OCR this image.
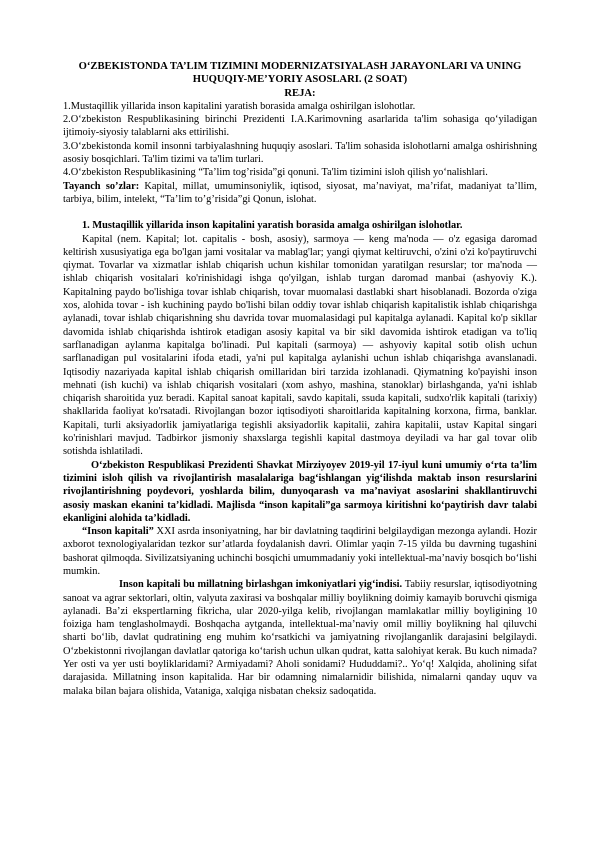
O‘ZBEKISTONDA TA’LIM TIZIMINI MODERNIZATSIYALASH JARAYONLARI VA UNING HUQUQIY-ME’YORIY ASOSLARI. (2 SOAT)
REJA:

1.Mustaqillik yillarida inson kapitalini yaratish borasida amalga oshirilgan islohotlar.

2.O‘zbekiston Respublikasining birinchi Prezidenti I.A.Karimovning asarlarida ta'lim sohasiga qo‘yiladigan ijtimoiy-siyosiy talablarni aks ettirilishi.

3.O‘zbekistonda komil insonni tarbiyalashning huquqiy asoslari. Ta'lim sohasida islohotlarni amalga oshirishning asosiy bosqichlari. Ta'lim tizimi va ta'lim turlari.

4.O‘zbekiston Respublikasining “Ta’lim tog’risida”gi qonuni. Ta'lim tizimini isloh qilish yo‘nalishlari.

Tayanch so’zlar: Kapital, millat, umuminsoniylik, iqtisod, siyosat, ma’naviyat, ma’rifat, madaniyat ta’llim, tarbiya, bilim, intelekt, “Ta’lim to’g’risida”gi Qonun, islohat.

1. Mustaqillik yillarida inson kapitalini yaratish borasida amalga oshirilgan islohotlar.

Kapital (nem. Kapital; lot. capitalis - bosh, asosiy), sarmoya — keng ma'noda — o'z egasiga daromad keltirish xususiyatiga ega bo'lgan jami vositalar va mablag'lar; yangi qiymat keltiruvchi, o'zini o'zi ko'paytiruvchi qiymat. Tovarlar va xizmatlar ishlab chiqarish uchun kishilar tomonidan yaratilgan resurslar; tor ma'noda — ishlab chiqarish vositalari ko'rinishidagi ishga qo'yilgan, ishlab turgan daromad manbai (ashyoviy K.). Kapitalning paydo bo'lishiga tovar ishlab chiqarish, tovar muomalasi dastlabki shart hisoblanadi. Bozorda o'ziga xos, alohida tovar - ish kuchining paydo bo'lishi bilan oddiy tovar ishlab chiqarish kapitalistik ishlab chiqarishga aylanadi, tovar ishlab chiqarishning shu davrida tovar muomalasidagi pul kapitalga aylanadi. Kapital ko'p sikllar davomida ishlab chiqarishda ishtirok etadigan asosiy kapital va bir sikl davomida ishtirok etadigan va to'liq sarflanadigan aylanma kapitalga bo'linadi. Pul kapitali (sarmoya) — ashyoviy kapital sotib olish uchun sarflanadigan pul vositalarini ifoda etadi, ya'ni pul kapitalga aylanishi uchun ishlab chiqarishga avanslanadi. Iqtisodiy nazariyada kapital ishlab chiqarish omillaridan biri tarzida izohlanadi. Qiymatning ko'payishi inson mehnati (ish kuchi) va ishlab chiqarish vositalari (xom ashyo, mashina, stanoklar) birlashganda, ya'ni ishlab chiqarish sharoitida yuz beradi. Kapital sanoat kapitali, savdo kapitali, ssuda kapitali, sudxo'rlik kapitali (tarixiy) shakllarida faoliyat ko'rsatadi. Rivojlangan bozor iqtisodiyoti sharoitlarida kapitalning korxona, firma, banklar. Kapitali, turli aksiyadorlik jamiyatlariga tegishli aksiyadorlik kapitalii, zahira kapitalii, ustav Kapital singari ko'rinishlari mavjud. Tadbirkor jismoniy shaxslarga tegishli kapital dastmoya deyiladi va har gal tovar olib sotishda ishlatiladi.

O‘zbekiston Respublikasi Prezidenti Shavkat Mirziyoyev 2019-yil 17-iyul kuni umumiy o‘rta ta’lim tizimini isloh qilish va rivojlantirish masalalariga bag‘ishlangan yig‘ilishda maktab inson resurslarini rivojlantirishning poydevori, yoshlarda bilim, dunyoqarash va ma’naviyat asoslarini shakllantiruvchi asosiy maskan ekanini ta’kidladi. Majlisda “inson kapitali”ga sarmoya kiritishni ko‘paytirish davr talabi ekanligini alohida ta’kidladi.

“Inson kapitali” XXI asrda insoniyatning, har bir davlatning taqdirini belgilaydigan mezonga aylandi. Hozir axborot texnologiyalaridan tezkor sur’atlarda foydalanish davri. Olimlar yaqin 7-15 yilda bu davrning tugashini bashorat qilmoqda. Sivilizatsiyaning uchinchi bosqichi umummadaniy yoki intellektual-ma’naviy bosqich bo‘lishi mumkin.

Inson kapitali bu millatning birlashgan imkoniyatlari yig‘indisi. Tabiiy resurslar, iqtisodiyotning sanoat va agrar sektorlari, oltin, valyuta zaxirasi va boshqalar milliy boylikning doimiy kamayib boruvchi qismiga aylanadi. Ba’zi ekspertlarning fikricha, ular 2020-yilga kelib, rivojlangan mamlakatlar milliy boyligining 10 foiziga ham tenglasholmaydi. Boshqacha aytganda, intellektual-ma’naviy omil milliy boylikning hal qiluvchi sharti bo‘lib, davlat qudratining eng muhim ko‘rsatkichi va jamiyatning rivojlanganlik darajasini belgilaydi. O‘zbekistonni rivojlangan davlatlar qatoriga ko‘tarish uchun ulkan qudrat, katta salohiyat kerak. Bu kuch nimada? Yer osti va yer usti boyliklaridami? Armiyadami? Aholi sonidami? Hududdami?.. Yo‘q! Xalqida, aholining sifat darajasida. Millatning inson kapitalida. Har bir odamning nimalarnidir bilishida, nimalarni qanday uquv va malaka bilan bajara olishida, Vataniga, xalqiga nisbatan cheksiz sadoqatida.
